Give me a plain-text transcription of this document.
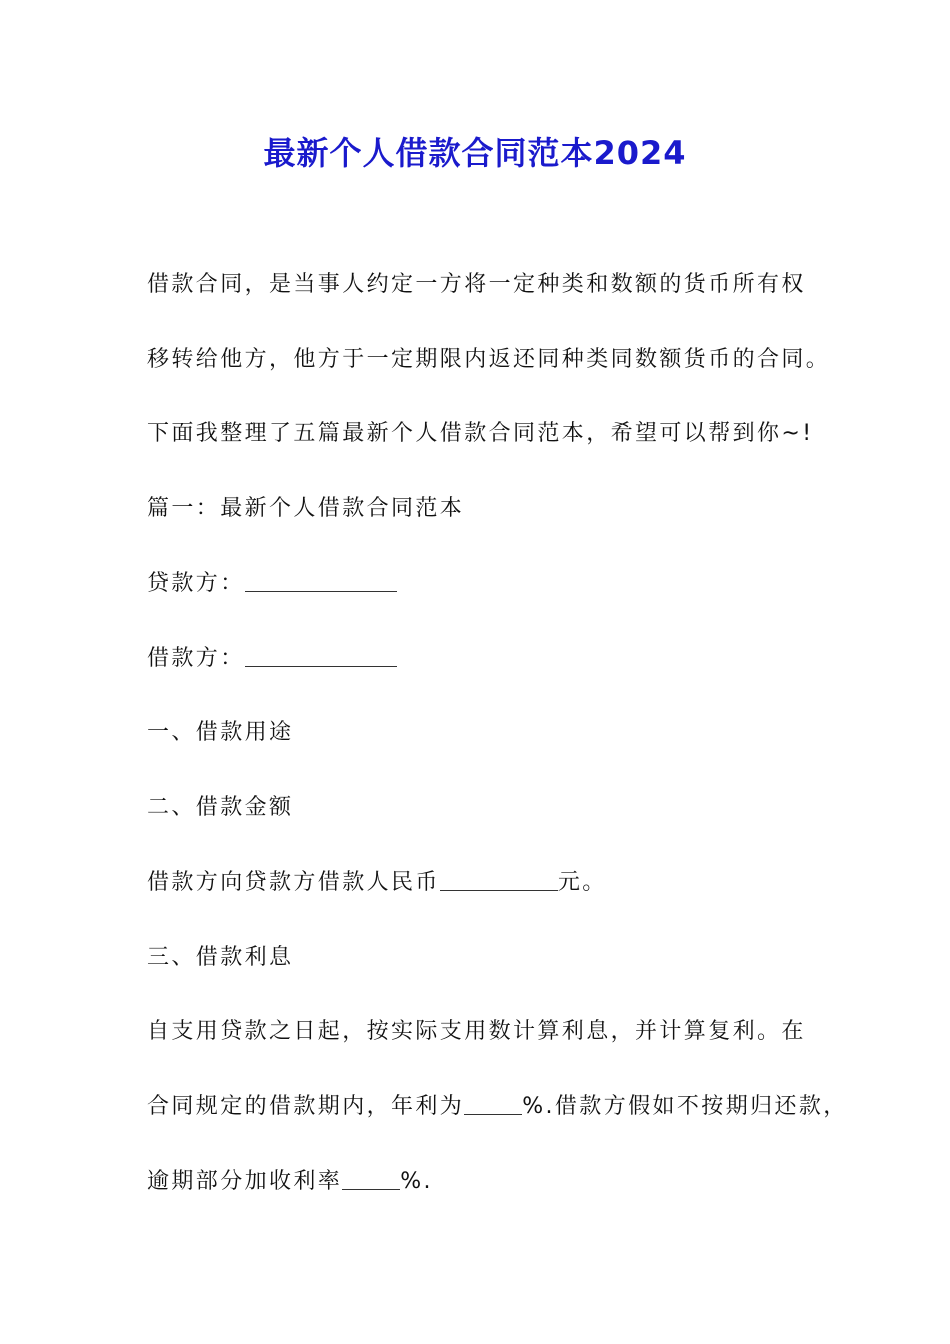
最新个人借款合同范本2024
借款合同，是当事人约定一方将一定种类和数额的货币所有权
移转给他方，他方于一定期限内返还同种类同数额货币的合同。
下面我整理了五篇最新个人借款合同范本，希望可以帮到你~!
篇一：最新个人借款合同范本
贷款方：
借款方：
一、借款用途
二、借款金额
借款方向贷款方借款人民币	元。
三、借款利息
自支用贷款之日起，按实际支用数计算利息，并计算复利。在
合同规定的借款期内，年利为	%.借款方假如不按期归还款，
逾期部分加收利率	%.
